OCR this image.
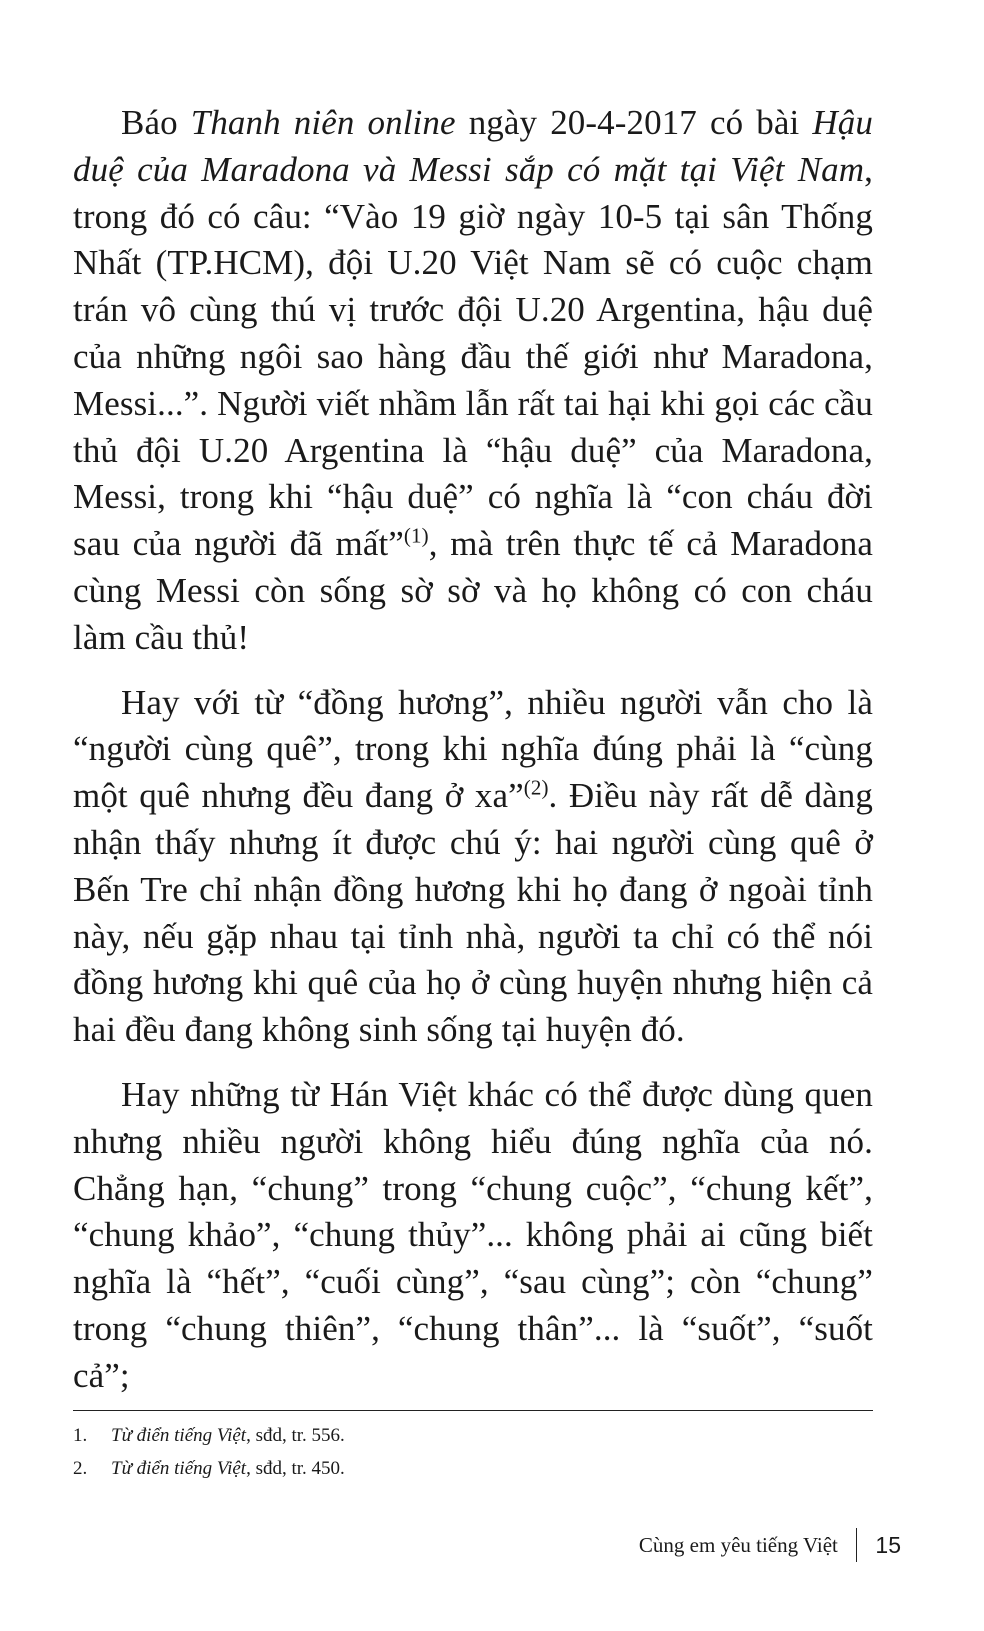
Báo Thanh niên online ngày 20-4-2017 có bài Hậu duệ của Maradona và Messi sắp có mặt tại Việt Nam, trong đó có câu: “Vào 19 giờ ngày 10-5 tại sân Thống Nhất (TP.HCM), đội U.20 Việt Nam sẽ có cuộc chạm trán vô cùng thú vị trước đội U.20 Argentina, hậu duệ của những ngôi sao hàng đầu thế giới như Maradona, Messi...”. Người viết nhầm lẫn rất tai hại khi gọi các cầu thủ đội U.20 Argentina là “hậu duệ” của Maradona, Messi, trong khi “hậu duệ” có nghĩa là “con cháu đời sau của người đã mất”$^{(1)}$, mà trên thực tế cả Maradona cùng Messi còn sống sờ sờ và họ không có con cháu làm cầu thủ!

Hay với từ “đồng hương”, nhiều người vẫn cho là “người cùng quê”, trong khi nghĩa đúng phải là “cùng một quê nhưng đều đang ở xa”$^{(2)}$. Điều này rất dễ dàng nhận thấy nhưng ít được chú ý: hai người cùng quê ở Bến Tre chỉ nhận đồng hương khi họ đang ở ngoài tỉnh này, nếu gặp nhau tại tỉnh nhà, người ta chỉ có thể nói đồng hương khi quê của họ ở cùng huyện nhưng hiện cả hai đều đang không sinh sống tại huyện đó.

Hay những từ Hán Việt khác có thể được dùng quen nhưng nhiều người không hiểu đúng nghĩa của nó. Chẳng hạn, “chung” trong “chung cuộc”, “chung kết”, “chung khảo”, “chung thủy”... không phải ai cũng biết nghĩa là “hết”, “cuối cùng”, “sau cùng”; còn “chung” trong “chung thiên”, “chung thân”... là “suốt”, “suốt cả”;

1.	Từ điển tiếng Việt, sđd, tr. 556.
2.	Từ điển tiếng Việt, sđd, tr. 450.
Cùng em yêu tiếng Việt 15
